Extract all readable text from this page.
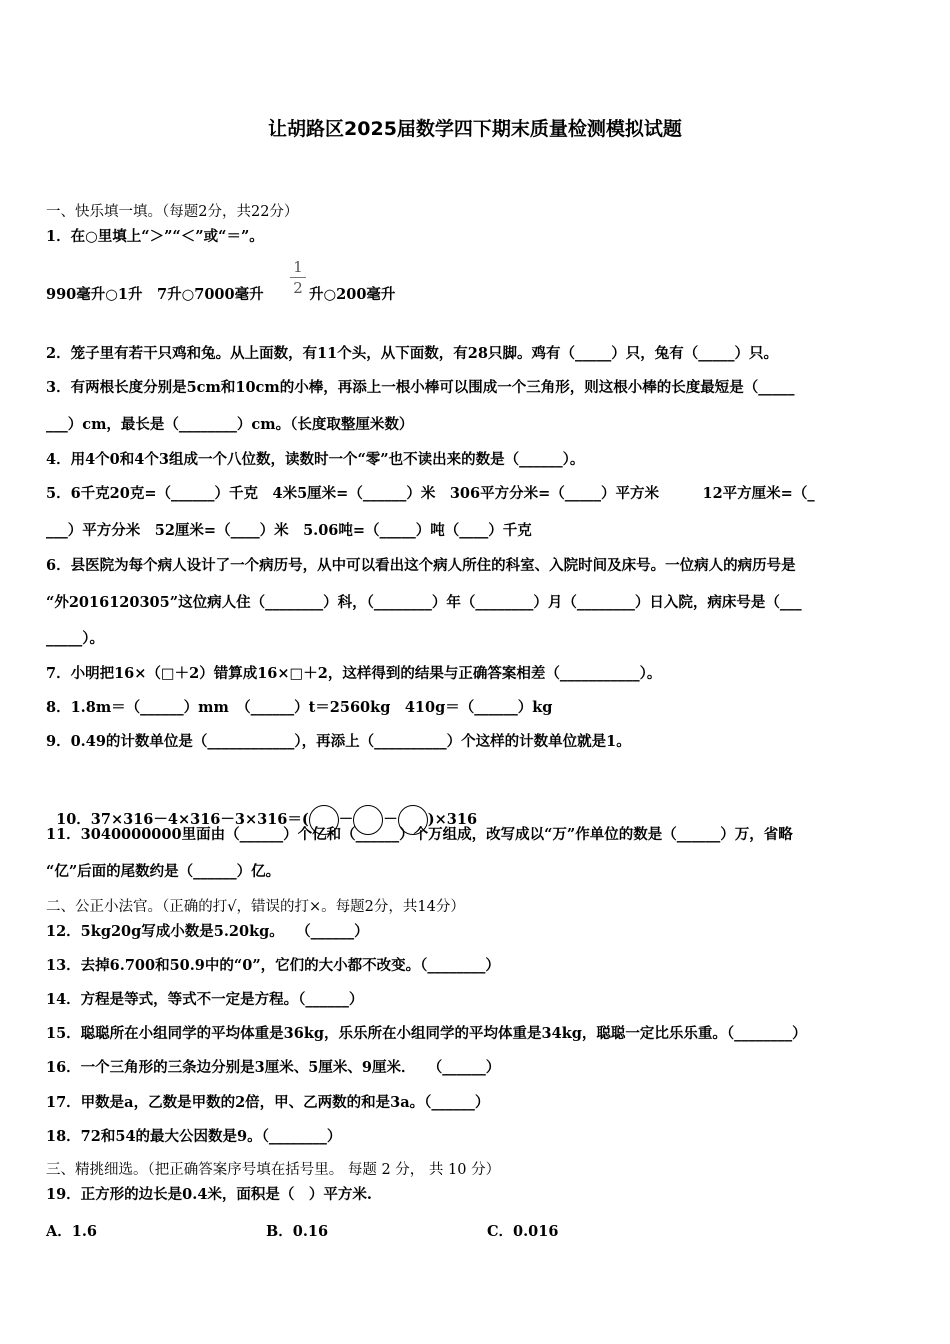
让胡路区2025届数学四下期末质量检测模拟试题
一、快乐填一填。（每题2分，共22分）
1．在○里填上“＞”“＜”或“＝”。
990毫升○1升　7升○7000毫升　
1
2 升○200毫升
2．笼子里有若干只鸡和兔。从上面数，有11个头，从下面数，有28只脚。鸡有（_____）只，兔有（_____）只。
3．有两根长度分别是5cm和10cm的小棒，再添上一根小棒可以围成一个三角形，则这根小棒的长度最短是（_____
___）cm，最长是（________）cm。（长度取整厘米数）
4．用4个0和4个3组成一个八位数，读数时一个“零”也不读出来的数是（______）。
5．6千克20克=（______）千克　4米5厘米=（______）米　306平方分米=（_____）平方米　　　12平方厘米=（_
___）平方分米　52厘米=（____）米　5.06吨=（_____）吨（____）千克
6．县医院为每个病人设计了一个病历号，从中可以看出这个病人所住的科室、入院时间及床号。一位病人的病历号是
“外2016120305”这位病人住（________）科，（________）年（________）月（________）日入院，病床号是（___
_____）。
7．小明把16×（□＋2）错算成16×□＋2，这样得到的结果与正确答案相差（___________）。
8．1.8m＝（______）mm　（______）t＝2560kg　410g＝（______）kg
9．0.49的计数单位是（____________），再添上（__________）个这样的计数单位就是1。

10．37×316－4×316－3×316＝( － － )×316

11．3040000000里面由（______）个亿和（______）个万组成，改写成以“万”作单位的数是（______）万，省略
“亿”后面的尾数约是（______）亿。
二、公正小法官。（正确的打√，错误的打×。每题2分，共14分）
12．5kg20g写成小数是5.20kg。　 （______）
13．去掉6.700和50.9中的“0”，它们的大小都不改变。（________）
14．方程是等式，等式不一定是方程。（______）
15．聪聪所在小组同学的平均体重是36kg，乐乐所在小组同学的平均体重是34kg，聪聪一定比乐乐重。（________）
16．一个三角形的三条边分别是3厘米、5厘米、9厘米．　 （______）
17．甲数是a，乙数是甲数的2倍，甲、乙两数的和是3a。（______）
18．72和54的最大公因数是9。（________）
三、精挑细选。（把正确答案序号填在括号里。 每题 2 分， 共 10 分）
19．正方形的边长是0.4米，面积是（　）平方米.
A．1.6	B．0.16	C．0.016
